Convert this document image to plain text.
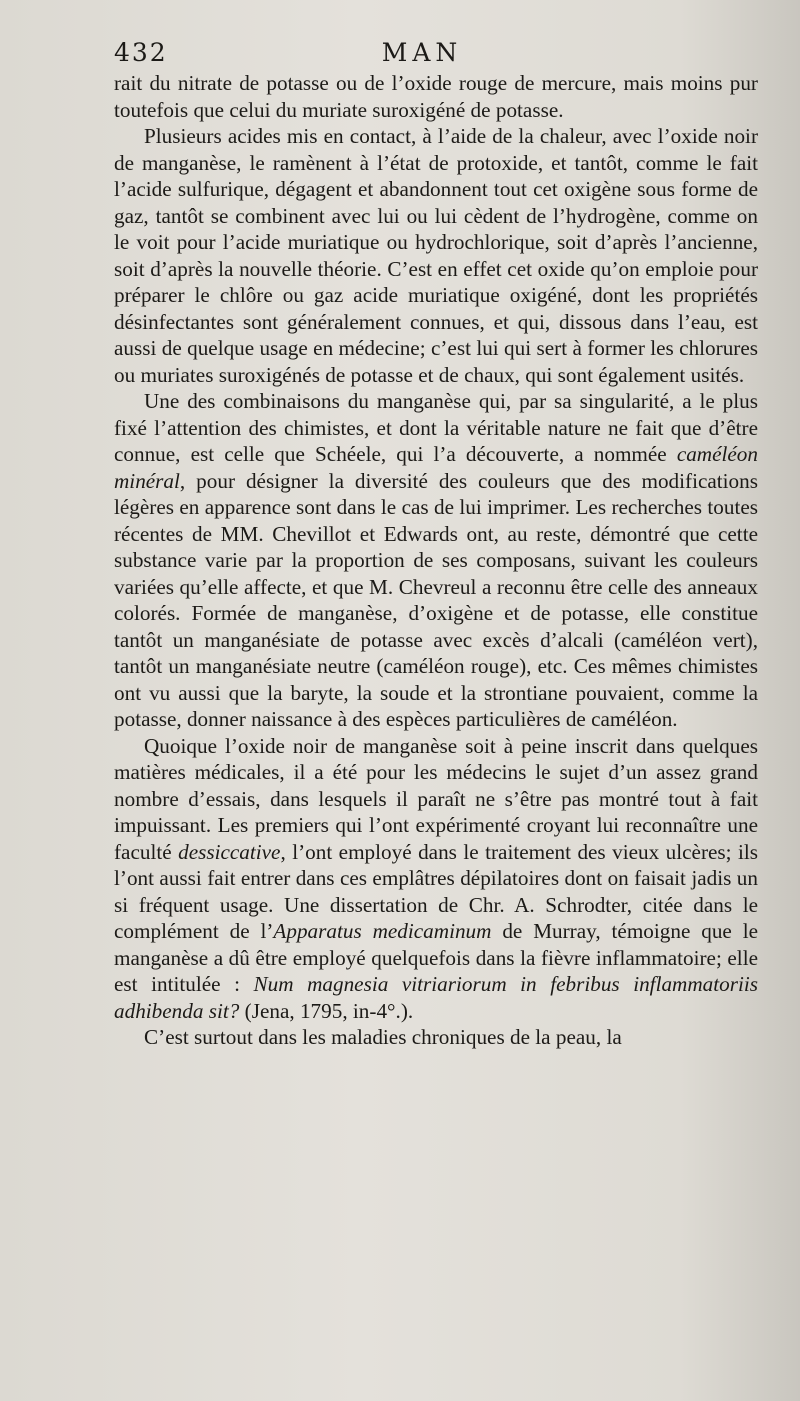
432	MAN

rait du nitrate de potasse ou de l’oxide rouge de mercure, mais moins pur toutefois que celui du muriate suroxigéné de potasse.

Plusieurs acides mis en contact, à l’aide de la chaleur, avec l’oxide noir de manganèse, le ramènent à l’état de protoxide, et tantôt, comme le fait l’acide sulfurique, dégagent et abandonnent tout cet oxigène sous forme de gaz, tantôt se combinent avec lui ou lui cèdent de l’hydrogène, comme on le voit pour l’acide muriatique ou hydrochlorique, soit d’après l’ancienne, soit d’après la nouvelle théorie. C’est en effet cet oxide qu’on emploie pour préparer le chlôre ou gaz acide muriatique oxigéné, dont les propriétés désinfectantes sont généralement connues, et qui, dissous dans l’eau, est aussi de quelque usage en médecine; c’est lui qui sert à former les chlorures ou muriates suroxigénés de potasse et de chaux, qui sont également usités.

Une des combinaisons du manganèse qui, par sa singularité, a le plus fixé l’attention des chimistes, et dont la véritable nature ne fait que d’être connue, est celle que Schéele, qui l’a découverte, a nommée caméléon minéral, pour désigner la diversité des couleurs que des modifications légères en apparence sont dans le cas de lui imprimer. Les recherches toutes récentes de MM. Chevillot et Edwards ont, au reste, démontré que cette substance varie par la proportion de ses composans, suivant les couleurs variées qu’elle affecte, et que M. Chevreul a reconnu être celle des anneaux colorés. Formée de manganèse, d’oxigène et de potasse, elle constitue tantôt un manganésiate de potasse avec excès d’alcali (caméléon vert), tantôt un manganésiate neutre (caméléon rouge), etc. Ces mêmes chimistes ont vu aussi que la baryte, la soude et la strontiane pouvaient, comme la potasse, donner naissance à des espèces particulières de caméléon.

Quoique l’oxide noir de manganèse soit à peine inscrit dans quelques matières médicales, il a été pour les médecins le sujet d’un assez grand nombre d’essais, dans lesquels il paraît ne s’être pas montré tout à fait impuissant. Les premiers qui l’ont expérimenté croyant lui reconnaître une faculté dessiccative, l’ont employé dans le traitement des vieux ulcères; ils l’ont aussi fait entrer dans ces emplâtres dépilatoires dont on faisait jadis un si fréquent usage. Une dissertation de Chr. A. Schrodter, citée dans le complément de l’Apparatus medicaminum de Murray, témoigne que le manganèse a dû être employé quelquefois dans la fièvre inflammatoire; elle est intitulée : Num magnesia vitriariorum in febribus inflammatoriis adhibenda sit? (Jena, 1795, in-4°.).

C’est surtout dans les maladies chroniques de la peau, la
